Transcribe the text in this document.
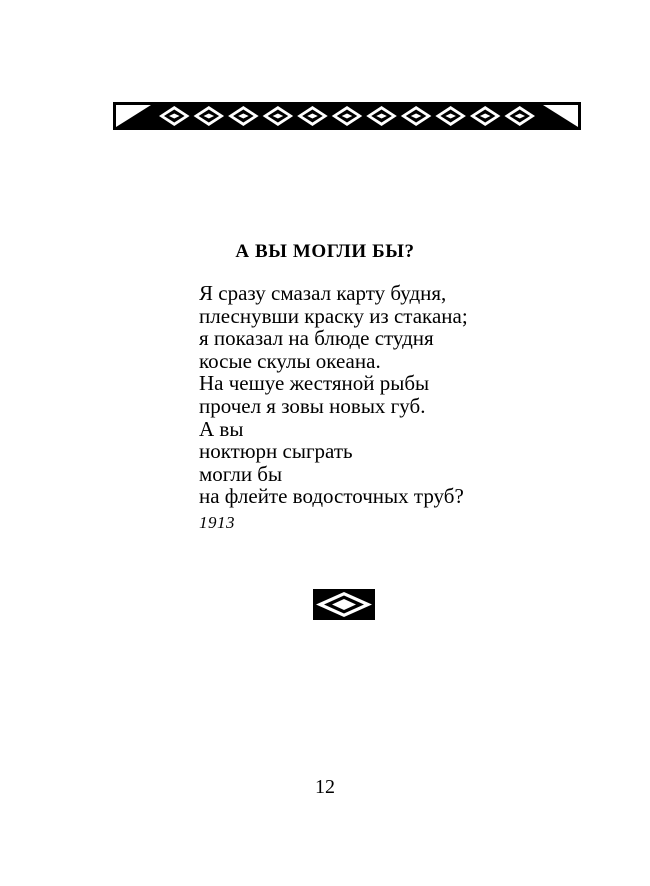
А ВЫ МОГЛИ БЫ?
Я сразу смазал карту будня,
плеснувши краску из стакана;
я показал на блюде студня
косые скулы океана.
На чешуе жестяной рыбы
прочел я зовы новых губ.
А вы
ноктюрн сыграть
могли бы
на флейте водосточных труб?
1913
12
